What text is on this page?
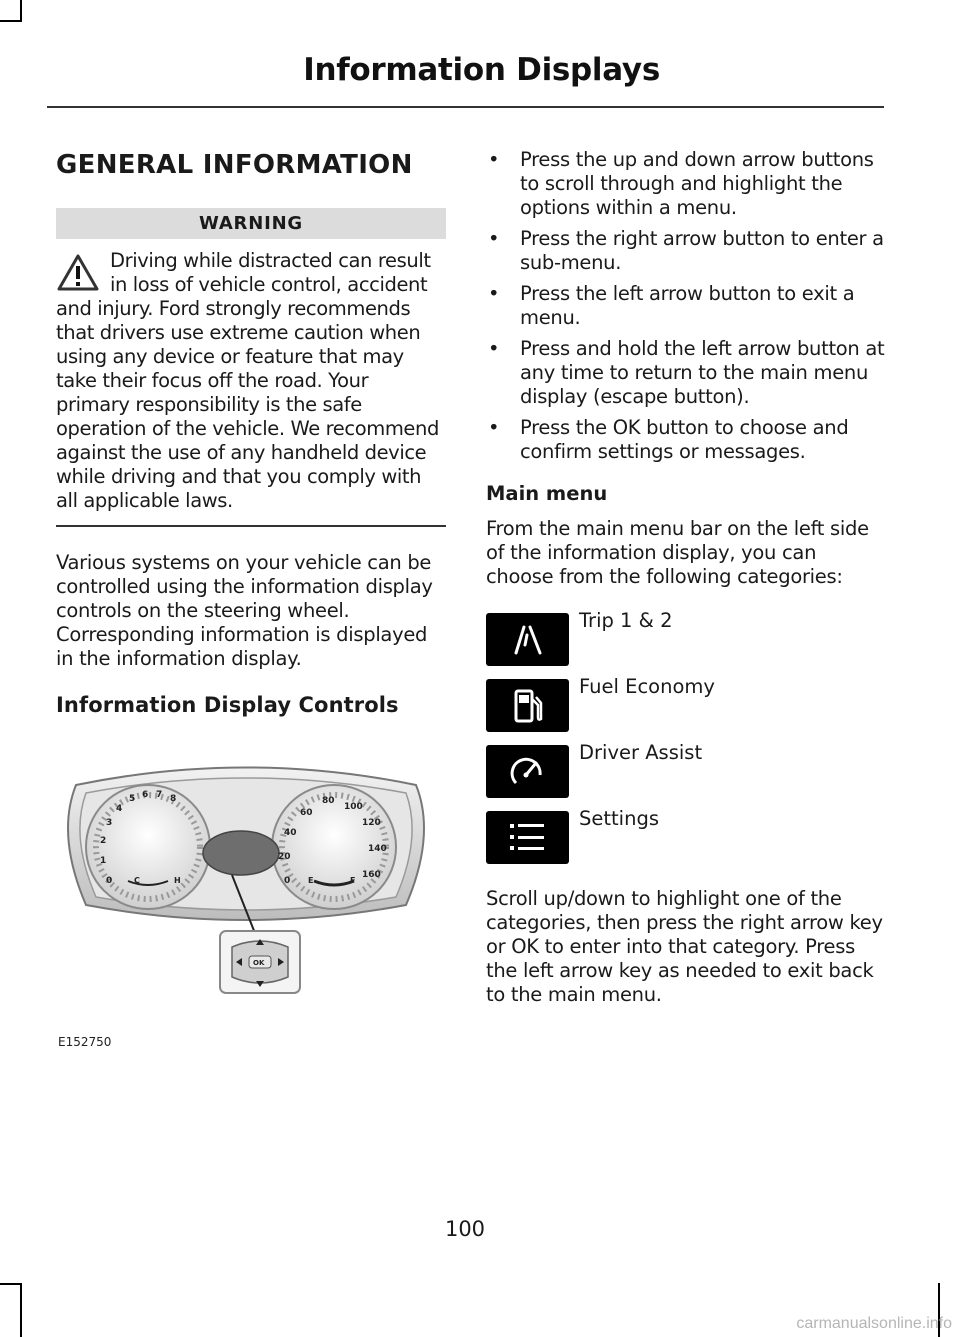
Information Displays
GENERAL INFORMATION
WARNING
Driving while distracted can result in loss of vehicle control, accident and injury. Ford strongly recommends that drivers use extreme caution when using any device or feature that may take their focus off the road. Your primary responsibility is the safe operation of the vehicle. We recommend against the use of any handheld device while driving and that you comply with all applicable laws.

Various systems on your vehicle can be controlled using the information display controls on the steering wheel. Corresponding information is displayed in the information display.

Information Display Controls
0
1
2
3
4
5 6 7 8
C	H	0
20
40
60
80
100
120
140
160
E	F
OK
E152750
• Press the up and down arrow buttons to scroll through and highlight the options within a menu.
• Press the right arrow button to enter a sub-menu.
• Press the left arrow button to exit a menu.
• Press and hold the left arrow button at any time to return to the main menu display (escape button).
• Press the OK button to choose and confirm settings or messages.
Main menu

From the main menu bar on the left side of the information display, you can choose from the following categories:

Trip 1 & 2
Fuel Economy
Driver Assist
Settings

Scroll up/down to highlight one of the categories, then press the right arrow key or OK to enter into that category. Press the left arrow key as needed to exit back to the main menu.

100
carmanualsonline.info
